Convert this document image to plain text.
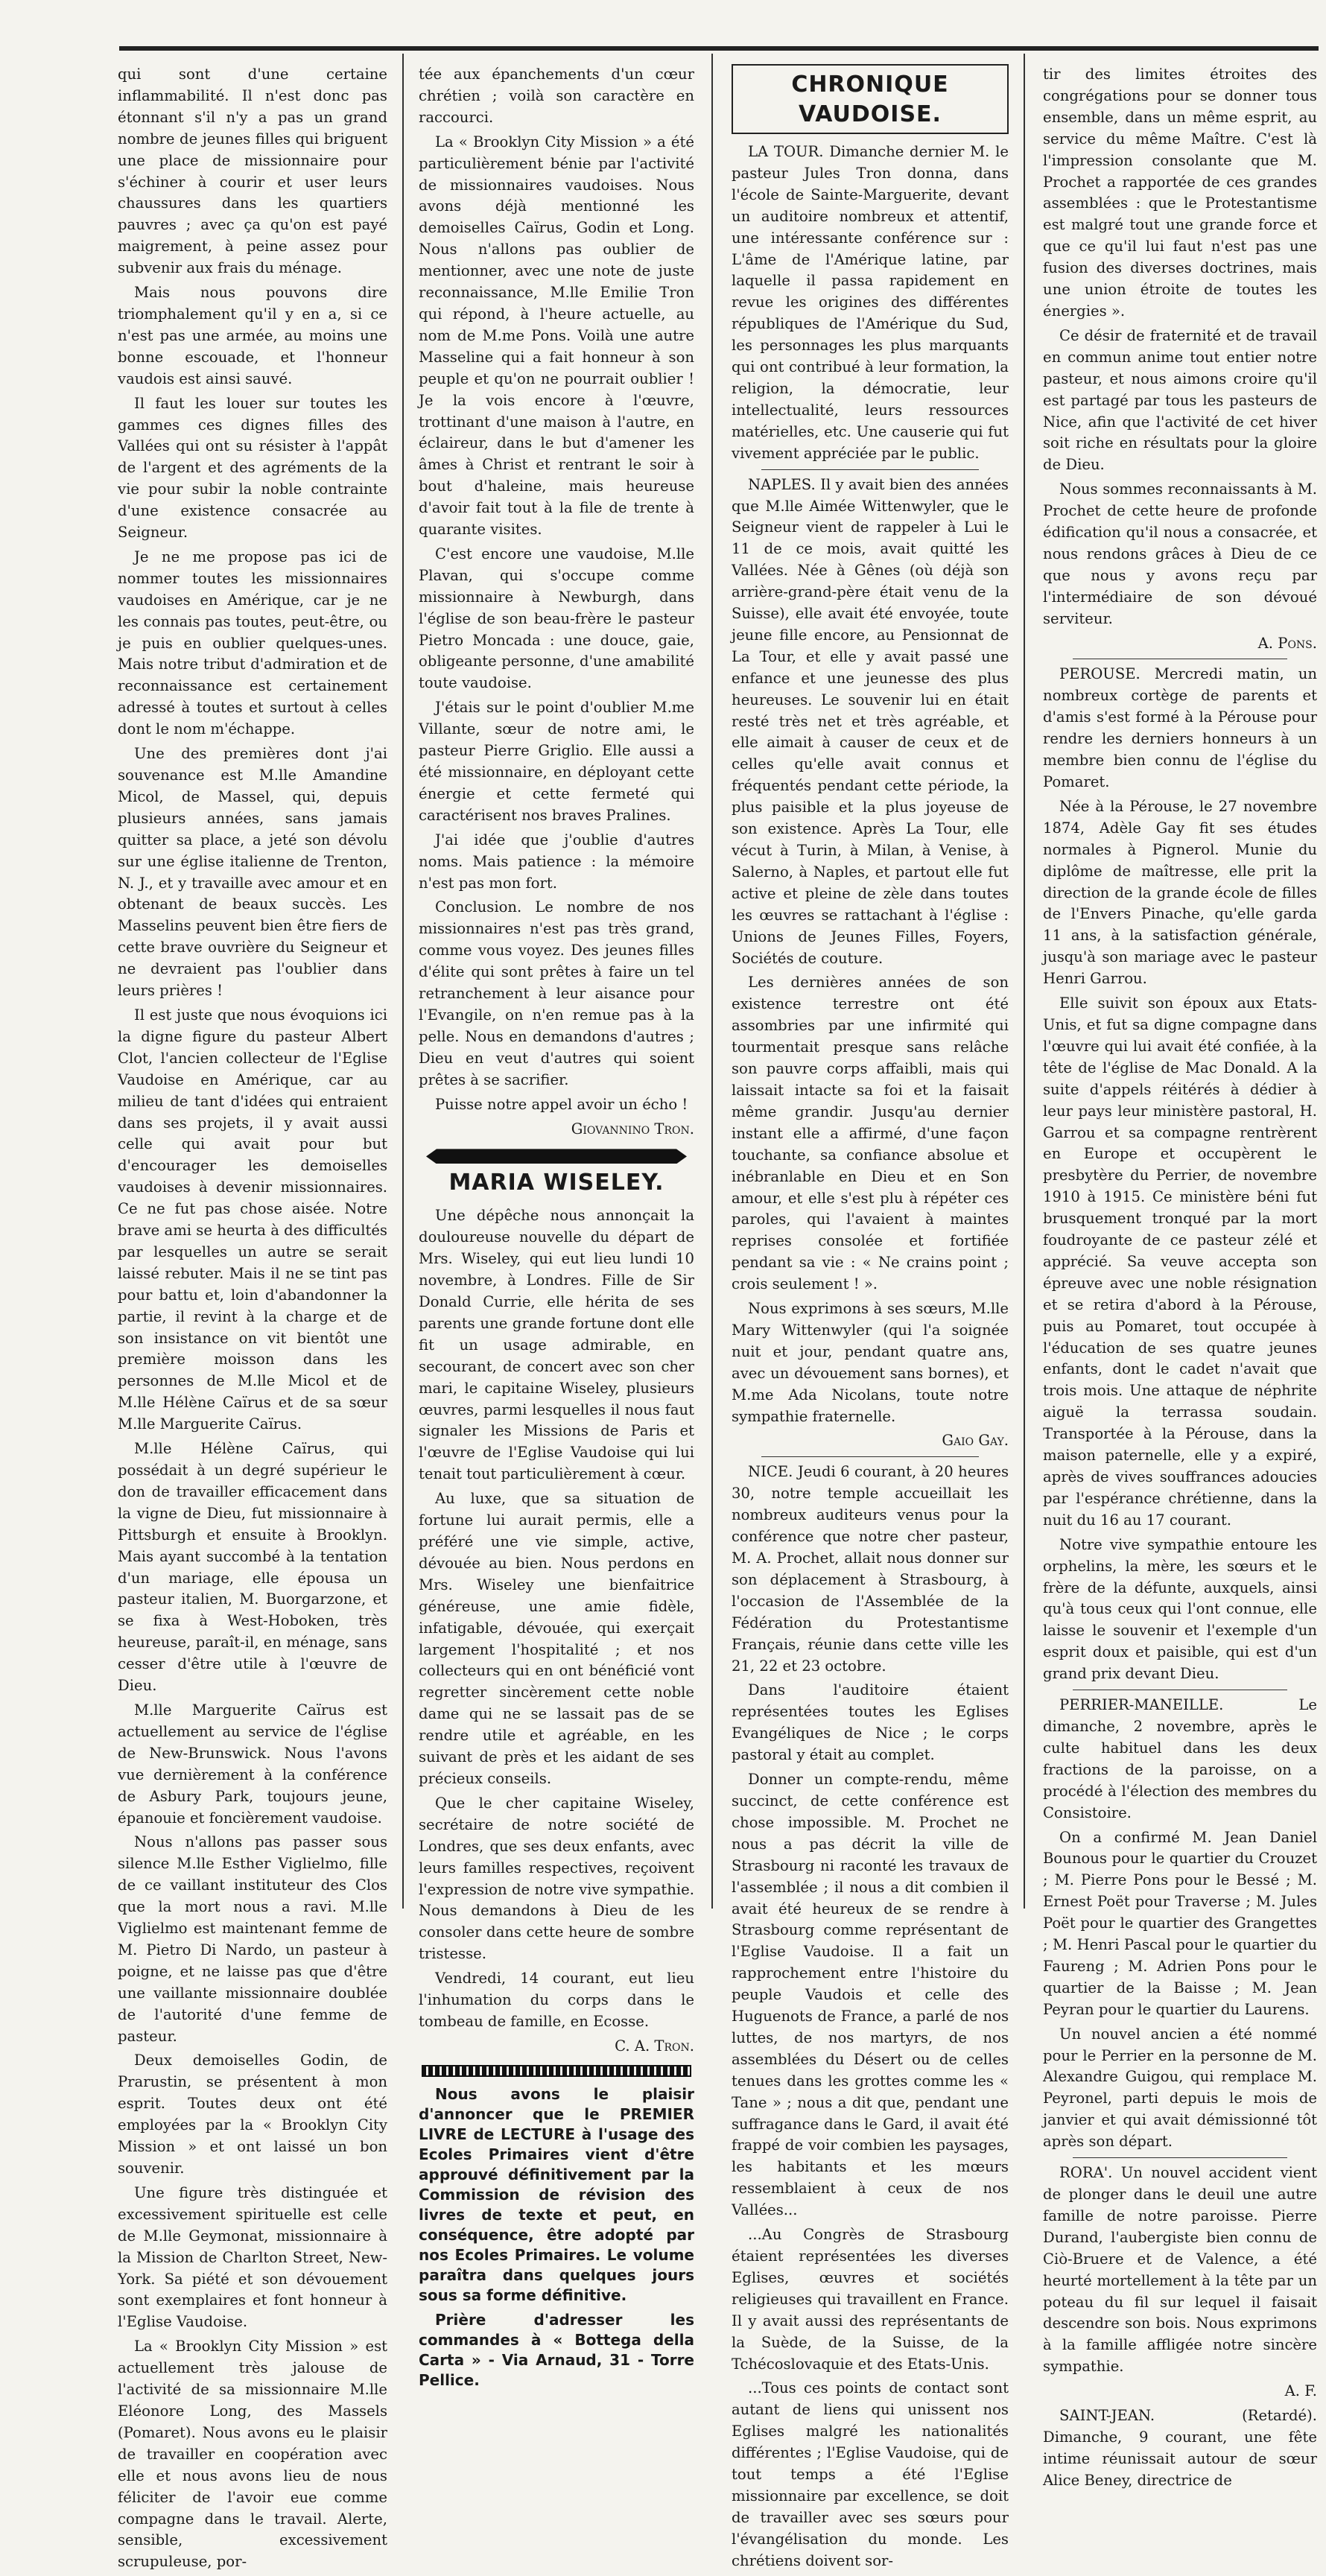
qui sont d'une certaine inflammabilité. Il n'est donc pas étonnant s'il n'y a pas un grand nombre de jeunes filles qui briguent une place de missionnaire pour s'échiner à courir et user leurs chaussures dans les quartiers pauvres ; avec ça qu'on est payé maigrement, à peine assez pour subvenir aux frais du ménage.

Mais nous pouvons dire triomphalement qu'il y en a, si ce n'est pas une armée, au moins une bonne escouade, et l'honneur vaudois est ainsi sauvé.

Il faut les louer sur toutes les gammes ces dignes filles des Vallées qui ont su résister à l'appât de l'argent et des agréments de la vie pour subir la noble contrainte d'une existence consacrée au Seigneur.

Je ne me propose pas ici de nommer toutes les missionnaires vaudoises en Amérique, car je ne les connais pas toutes, peut-être, ou je puis en oublier quelques-unes. Mais notre tribut d'admiration et de reconnaissance est certainement adressé à toutes et surtout à celles dont le nom m'échappe.

Une des premières dont j'ai souvenance est M.lle Amandine Micol, de Massel, qui, depuis plusieurs années, sans jamais quitter sa place, a jeté son dévolu sur une église italienne de Trenton, N. J., et y travaille avec amour et en obtenant de beaux succès. Les Masselins peuvent bien être fiers de cette brave ouvrière du Seigneur et ne devraient pas l'oublier dans leurs prières !

Il est juste que nous évoquions ici la digne figure du pasteur Albert Clot, l'ancien collecteur de l'Eglise Vaudoise en Amérique, car au milieu de tant d'idées qui entraient dans ses projets, il y avait aussi celle qui avait pour but d'encourager les demoiselles vaudoises à devenir missionnaires. Ce ne fut pas chose aisée. Notre brave ami se heurta à des difficultés par lesquelles un autre se serait laissé rebuter. Mais il ne se tint pas pour battu et, loin d'abandonner la partie, il revint à la charge et de son insistance on vit bientôt une première moisson dans les personnes de M.lle Micol et de M.lle Hélène Caïrus et de sa sœur M.lle Marguerite Caïrus.

M.lle Hélène Caïrus, qui possédait à un degré supérieur le don de travailler efficacement dans la vigne de Dieu, fut missionnaire à Pittsburgh et ensuite à Brooklyn. Mais ayant succombé à la tentation d'un mariage, elle épousa un pasteur italien, M. Buorgarzone, et se fixa à West-Hoboken, très heureuse, paraît-il, en ménage, sans cesser d'être utile à l'œuvre de Dieu.

M.lle Marguerite Caïrus est actuellement au service de l'église de New-Brunswick. Nous l'avons vue dernièrement à la conférence de Asbury Park, toujours jeune, épanouie et foncièrement vaudoise.

Nous n'allons pas passer sous silence M.lle Esther Viglielmo, fille de ce vaillant instituteur des Clos que la mort nous a ravi. M.lle Viglielmo est maintenant femme de M. Pietro Di Nardo, un pasteur à poigne, et ne laisse pas que d'être une vaillante missionnaire doublée de l'autorité d'une femme de pasteur.

Deux demoiselles Godin, de Prarustin, se présentent à mon esprit. Toutes deux ont été employées par la « Brooklyn City Mission » et ont laissé un bon souvenir.

Une figure très distinguée et excessivement spirituelle est celle de M.lle Geymonat, missionnaire à la Mission de Charlton Street, New-York. Sa piété et son dévouement sont exemplaires et font honneur à l'Eglise Vaudoise.

La « Brooklyn City Mission » est actuellement très jalouse de l'activité de sa missionnaire M.lle Eléonore Long, des Massels (Pomaret). Nous avons eu le plaisir de travailler en coopération avec elle et nous avons lieu de nous féliciter de l'avoir eue comme compagne dans le travail. Alerte, sensible, excessivement scrupuleuse, por-

tée aux épanchements d'un cœur chrétien ; voilà son caractère en raccourci.

La « Brooklyn City Mission » a été particulièrement bénie par l'activité de missionnaires vaudoises. Nous avons déjà mentionné les demoiselles Caïrus, Godin et Long. Nous n'allons pas oublier de mentionner, avec une note de juste reconnaissance, M.lle Emilie Tron qui répond, à l'heure actuelle, au nom de M.me Pons. Voilà une autre Masseline qui a fait honneur à son peuple et qu'on ne pourrait oublier ! Je la vois encore à l'œuvre, trottinant d'une maison à l'autre, en éclaireur, dans le but d'amener les âmes à Christ et rentrant le soir à bout d'haleine, mais heureuse d'avoir fait tout à la file de trente à quarante visites.

C'est encore une vaudoise, M.lle Plavan, qui s'occupe comme missionnaire à Newburgh, dans l'église de son beau-frère le pasteur Pietro Moncada : une douce, gaie, obligeante personne, d'une amabilité toute vaudoise.

J'étais sur le point d'oublier M.me Villante, sœur de notre ami, le pasteur Pierre Griglio. Elle aussi a été missionnaire, en déployant cette énergie et cette fermeté qui caractérisent nos braves Pralines.

J'ai idée que j'oublie d'autres noms. Mais patience : la mémoire n'est pas mon fort.

Conclusion. Le nombre de nos missionnaires n'est pas très grand, comme vous voyez. Des jeunes filles d'élite qui sont prêtes à faire un tel retranchement à leur aisance pour l'Evangile, on n'en remue pas à la pelle. Nous en demandons d'autres ; Dieu en veut d'autres qui soient prêtes à se sacrifier.

Puisse notre appel avoir un écho !

Giovannino Tron.

MARIA WISELEY.

Une dépêche nous annonçait la douloureuse nouvelle du départ de Mrs. Wiseley, qui eut lieu lundi 10 novembre, à Londres. Fille de Sir Donald Currie, elle hérita de ses parents une grande fortune dont elle fit un usage admirable, en secourant, de concert avec son cher mari, le capitaine Wiseley, plusieurs œuvres, parmi lesquelles il nous faut signaler les Missions de Paris et l'œuvre de l'Eglise Vaudoise qui lui tenait tout particulièrement à cœur.

Au luxe, que sa situation de fortune lui aurait permis, elle a préféré une vie simple, active, dévouée au bien. Nous perdons en Mrs. Wiseley une bienfaitrice généreuse, une amie fidèle, infatigable, dévouée, qui exerçait largement l'hospitalité ; et nos collecteurs qui en ont bénéficié vont regretter sincèrement cette noble dame qui ne se lassait pas de se rendre utile et agréable, en les suivant de près et les aidant de ses précieux conseils.

Que le cher capitaine Wiseley, secrétaire de notre société de Londres, que ses deux enfants, avec leurs familles respectives, reçoivent l'expression de notre vive sympathie. Nous demandons à Dieu de les consoler dans cette heure de sombre tristesse.

Vendredi, 14 courant, eut lieu l'inhumation du corps dans le tombeau de famille, en Ecosse.

C. A. Tron.

Nous avons le plaisir d'annoncer que le PREMIER LIVRE de LECTURE à l'usage des Ecoles Primaires vient d'être approuvé définitivement par la Commission de révision des livres de texte et peut, en conséquence, être adopté par nos Ecoles Primaires. Le volume paraîtra dans quelques jours sous sa forme définitive.

Prière d'adresser les commandes à « Bottega della Carta » - Via Arnaud, 31 - Torre Pellice.

CHRONIQUE VAUDOISE.

LA TOUR. Dimanche dernier M. le pasteur Jules Tron donna, dans l'école de Sainte-Marguerite, devant un auditoire nombreux et attentif, une intéressante conférence sur : L'âme de l'Amérique latine, par laquelle il passa rapidement en revue les origines des différentes républiques de l'Amérique du Sud, les personnages les plus marquants qui ont contribué à leur formation, la religion, la démocratie, leur intellectualité, leurs ressources matérielles, etc. Une causerie qui fut vivement appréciée par le public.

NAPLES. Il y avait bien des années que M.lle Aimée Wittenwyler, que le Seigneur vient de rappeler à Lui le 11 de ce mois, avait quitté les Vallées. Née à Gênes (où déjà son arrière-grand-père était venu de la Suisse), elle avait été envoyée, toute jeune fille encore, au Pensionnat de La Tour, et elle y avait passé une enfance et une jeunesse des plus heureuses. Le souvenir lui en était resté très net et très agréable, et elle aimait à causer de ceux et de celles qu'elle avait connus et fréquentés pendant cette période, la plus paisible et la plus joyeuse de son existence. Après La Tour, elle vécut à Turin, à Milan, à Venise, à Salerno, à Naples, et partout elle fut active et pleine de zèle dans toutes les œuvres se rattachant à l'église : Unions de Jeunes Filles, Foyers, Sociétés de couture.

Les dernières années de son existence terrestre ont été assombries par une infirmité qui tourmentait presque sans relâche son pauvre corps affaibli, mais qui laissait intacte sa foi et la faisait même grandir. Jusqu'au dernier instant elle a affirmé, d'une façon touchante, sa confiance absolue et inébranlable en Dieu et en Son amour, et elle s'est plu à répéter ces paroles, qui l'avaient à maintes reprises consolée et fortifiée pendant sa vie : « Ne crains point ; crois seulement ! ».

Nous exprimons à ses sœurs, M.lle Mary Wittenwyler (qui l'a soignée nuit et jour, pendant quatre ans, avec un dévouement sans bornes), et M.me Ada Nicolans, toute notre sympathie fraternelle.

Gaio Gay.

NICE. Jeudi 6 courant, à 20 heures 30, notre temple accueillait les nombreux auditeurs venus pour la conférence que notre cher pasteur, M. A. Prochet, allait nous donner sur son déplacement à Strasbourg, à l'occasion de l'Assemblée de la Fédération du Protestantisme Français, réunie dans cette ville les 21, 22 et 23 octobre.

Dans l'auditoire étaient représentées toutes les Eglises Evangéliques de Nice ; le corps pastoral y était au complet.

Donner un compte-rendu, même succinct, de cette conférence est chose impossible. M. Prochet ne nous a pas décrit la ville de Strasbourg ni raconté les travaux de l'assemblée ; il nous a dit combien il avait été heureux de se rendre à Strasbourg comme représentant de l'Eglise Vaudoise. Il a fait un rapprochement entre l'histoire du peuple Vaudois et celle des Huguenots de France, a parlé de nos luttes, de nos martyrs, de nos assemblées du Désert ou de celles tenues dans les grottes comme les « Tane » ; nous a dit que, pendant une suffragance dans le Gard, il avait été frappé de voir combien les paysages, les habitants et les mœurs ressemblaient à ceux de nos Vallées...

...Au Congrès de Strasbourg étaient représentées les diverses Eglises, œuvres et sociétés religieuses qui travaillent en France. Il y avait aussi des représentants de la Suède, de la Suisse, de la Tchécoslovaquie et des Etats-Unis.

...Tous ces points de contact sont autant de liens qui unissent nos Eglises malgré les nationalités différentes ; l'Eglise Vaudoise, qui de tout temps a été l'Eglise missionnaire par excellence, se doit de travailler avec ses sœurs pour l'évangélisation du monde. Les chrétiens doivent sor-

tir des limites étroites des congrégations pour se donner tous ensemble, dans un même esprit, au service du même Maître. C'est là l'impression consolante que M. Prochet a rapportée de ces grandes assemblées : que le Protestantisme est malgré tout une grande force et que ce qu'il lui faut n'est pas une fusion des diverses doctrines, mais une union étroite de toutes les énergies ».

Ce désir de fraternité et de travail en commun anime tout entier notre pasteur, et nous aimons croire qu'il est partagé par tous les pasteurs de Nice, afin que l'activité de cet hiver soit riche en résultats pour la gloire de Dieu.

Nous sommes reconnaissants à M. Prochet de cette heure de profonde édification qu'il nous a consacrée, et nous rendons grâces à Dieu de ce que nous y avons reçu par l'intermédiaire de son dévoué serviteur.

A. Pons.

PEROUSE. Mercredi matin, un nombreux cortège de parents et d'amis s'est formé à la Pérouse pour rendre les derniers honneurs à un membre bien connu de l'église du Pomaret.

Née à la Pérouse, le 27 novembre 1874, Adèle Gay fit ses études normales à Pignerol. Munie du diplôme de maîtresse, elle prit la direction de la grande école de filles de l'Envers Pinache, qu'elle garda 11 ans, à la satisfaction générale, jusqu'à son mariage avec le pasteur Henri Garrou.

Elle suivit son époux aux Etats-Unis, et fut sa digne compagne dans l'œuvre qui lui avait été confiée, à la tête de l'église de Mac Donald. A la suite d'appels réitérés à dédier à leur pays leur ministère pastoral, H. Garrou et sa compagne rentrèrent en Europe et occupèrent le presbytère du Perrier, de novembre 1910 à 1915. Ce ministère béni fut brusquement tronqué par la mort foudroyante de ce pasteur zélé et apprécié. Sa veuve accepta son épreuve avec une noble résignation et se retira d'abord à la Pérouse, puis au Pomaret, tout occupée à l'éducation de ses quatre jeunes enfants, dont le cadet n'avait que trois mois. Une attaque de néphrite aiguë la terrassa soudain. Transportée à la Pérouse, dans la maison paternelle, elle y a expiré, après de vives souffrances adoucies par l'espérance chrétienne, dans la nuit du 16 au 17 courant.

Notre vive sympathie entoure les orphelins, la mère, les sœurs et le frère de la défunte, auxquels, ainsi qu'à tous ceux qui l'ont connue, elle laisse le souvenir et l'exemple d'un esprit doux et paisible, qui est d'un grand prix devant Dieu.

PERRIER-MANEILLE. Le dimanche, 2 novembre, après le culte habituel dans les deux fractions de la paroisse, on a procédé à l'élection des membres du Consistoire.

On a confirmé M. Jean Daniel Bounous pour le quartier du Crouzet ; M. Pierre Pons pour le Bessé ; M. Ernest Poët pour Traverse ; M. Jules Poët pour le quartier des Grangettes ; M. Henri Pascal pour le quartier du Faureng ; M. Adrien Pons pour le quartier de la Baisse ; M. Jean Peyran pour le quartier du Laurens.

Un nouvel ancien a été nommé pour le Perrier en la personne de M. Alexandre Guigou, qui remplace M. Peyronel, parti depuis le mois de janvier et qui avait démissionné tôt après son départ.

RORA'. Un nouvel accident vient de plonger dans le deuil une autre famille de notre paroisse. Pierre Durand, l'aubergiste bien connu de Ciò-Bruere et de Valence, a été heurté mortellement à la tête par un poteau du fil sur lequel il faisait descendre son bois. Nous exprimons à la famille affligée notre sincère sympathie.

A. F.

SAINT-JEAN. (Retardé). Dimanche, 9 courant, une fête intime réunissait autour de sœur Alice Beney, directrice de
